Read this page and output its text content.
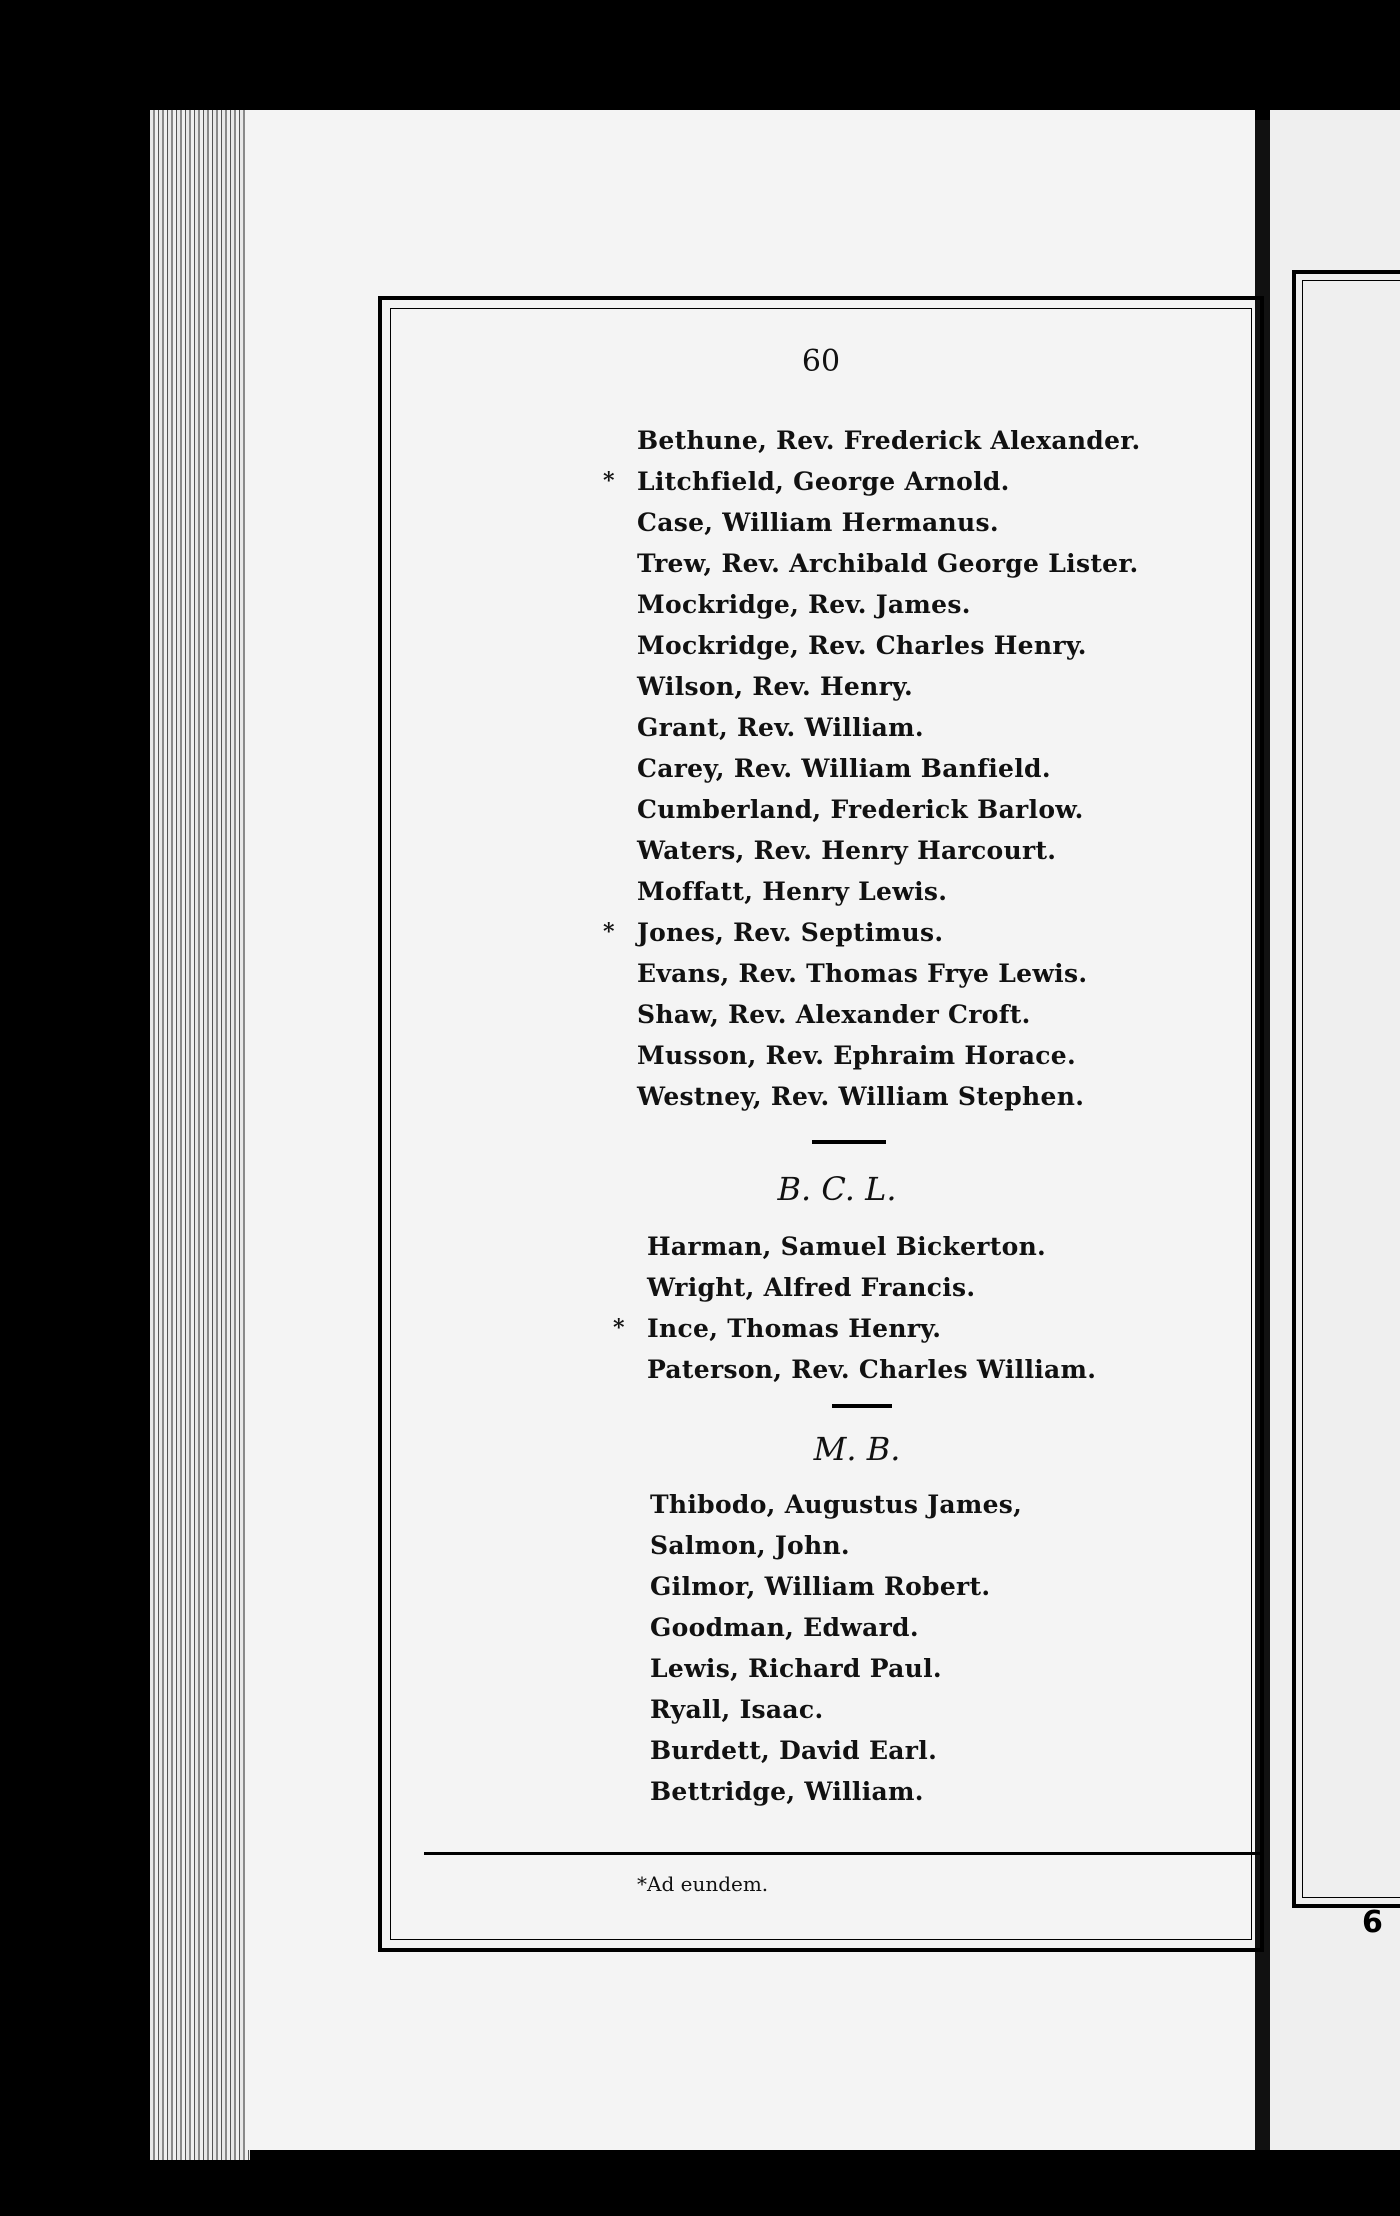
6
60
Bethune, Rev. Frederick Alexander.
* Litchfield, George Arnold.
Case, William Hermanus.
Trew, Rev. Archibald George Lister.
Mockridge, Rev. James.
Mockridge, Rev. Charles Henry.
Wilson, Rev. Henry.
Grant, Rev. William.
Carey, Rev. William Banfield.
Cumberland, Frederick Barlow.
Waters, Rev. Henry Harcourt.
Moffatt, Henry Lewis.
* Jones, Rev. Septimus.
Evans, Rev. Thomas Frye Lewis.
Shaw, Rev. Alexander Croft.
Musson, Rev. Ephraim Horace.
Westney, Rev. William Stephen.
B. C. L.
Harman, Samuel Bickerton.
Wright, Alfred Francis.
* Ince, Thomas Henry.
Paterson, Rev. Charles William.
M. B.
Thibodo, Augustus James,
Salmon, John.
Gilmor, William Robert.
Goodman, Edward.
Lewis, Richard Paul.
Ryall, Isaac.
Burdett, David Earl.
Bettridge, William.
*Ad eundem.
